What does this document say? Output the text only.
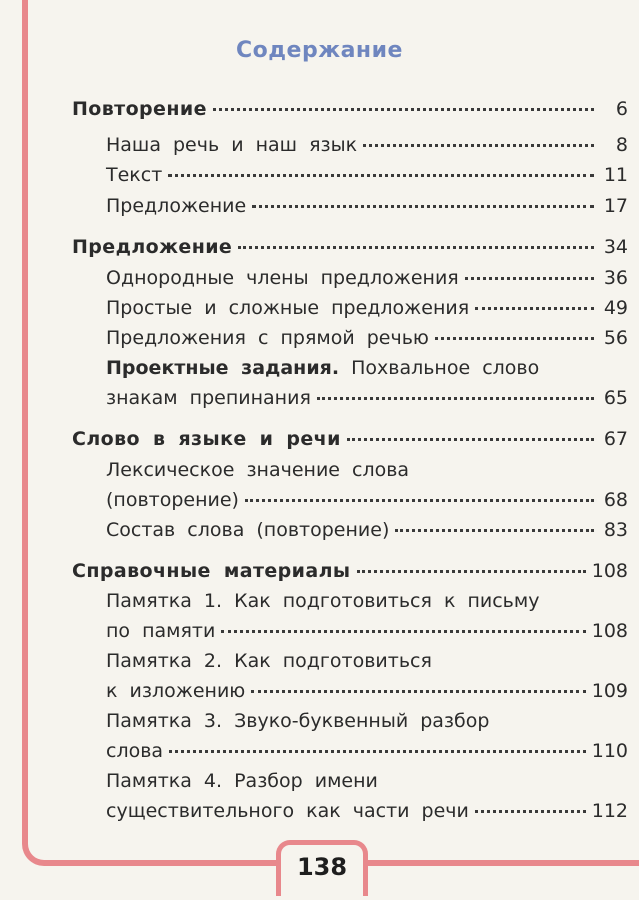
Содержание
Повторение	6
Наша речь и наш язык	8
Текст	11
Предложение	17
Предложение	34
Однородные члены предложения	36
Простые и сложные предложения	49
Предложения с прямой речью	56
Проектные задания. Похвальное слово
знакам препинания	65
Слово в языке и речи	67
Лексическое значение слова
(повторение)	68
Состав слова (повторение)	83
Справочные материалы	108
Памятка 1. Как подготовиться к письму
по памяти	108
Памятка 2. Как подготовиться
к изложению	109
Памятка 3. Звуко-буквенный разбор
слова	110
Памятка 4. Разбор имени
существительного как части речи	112
138
